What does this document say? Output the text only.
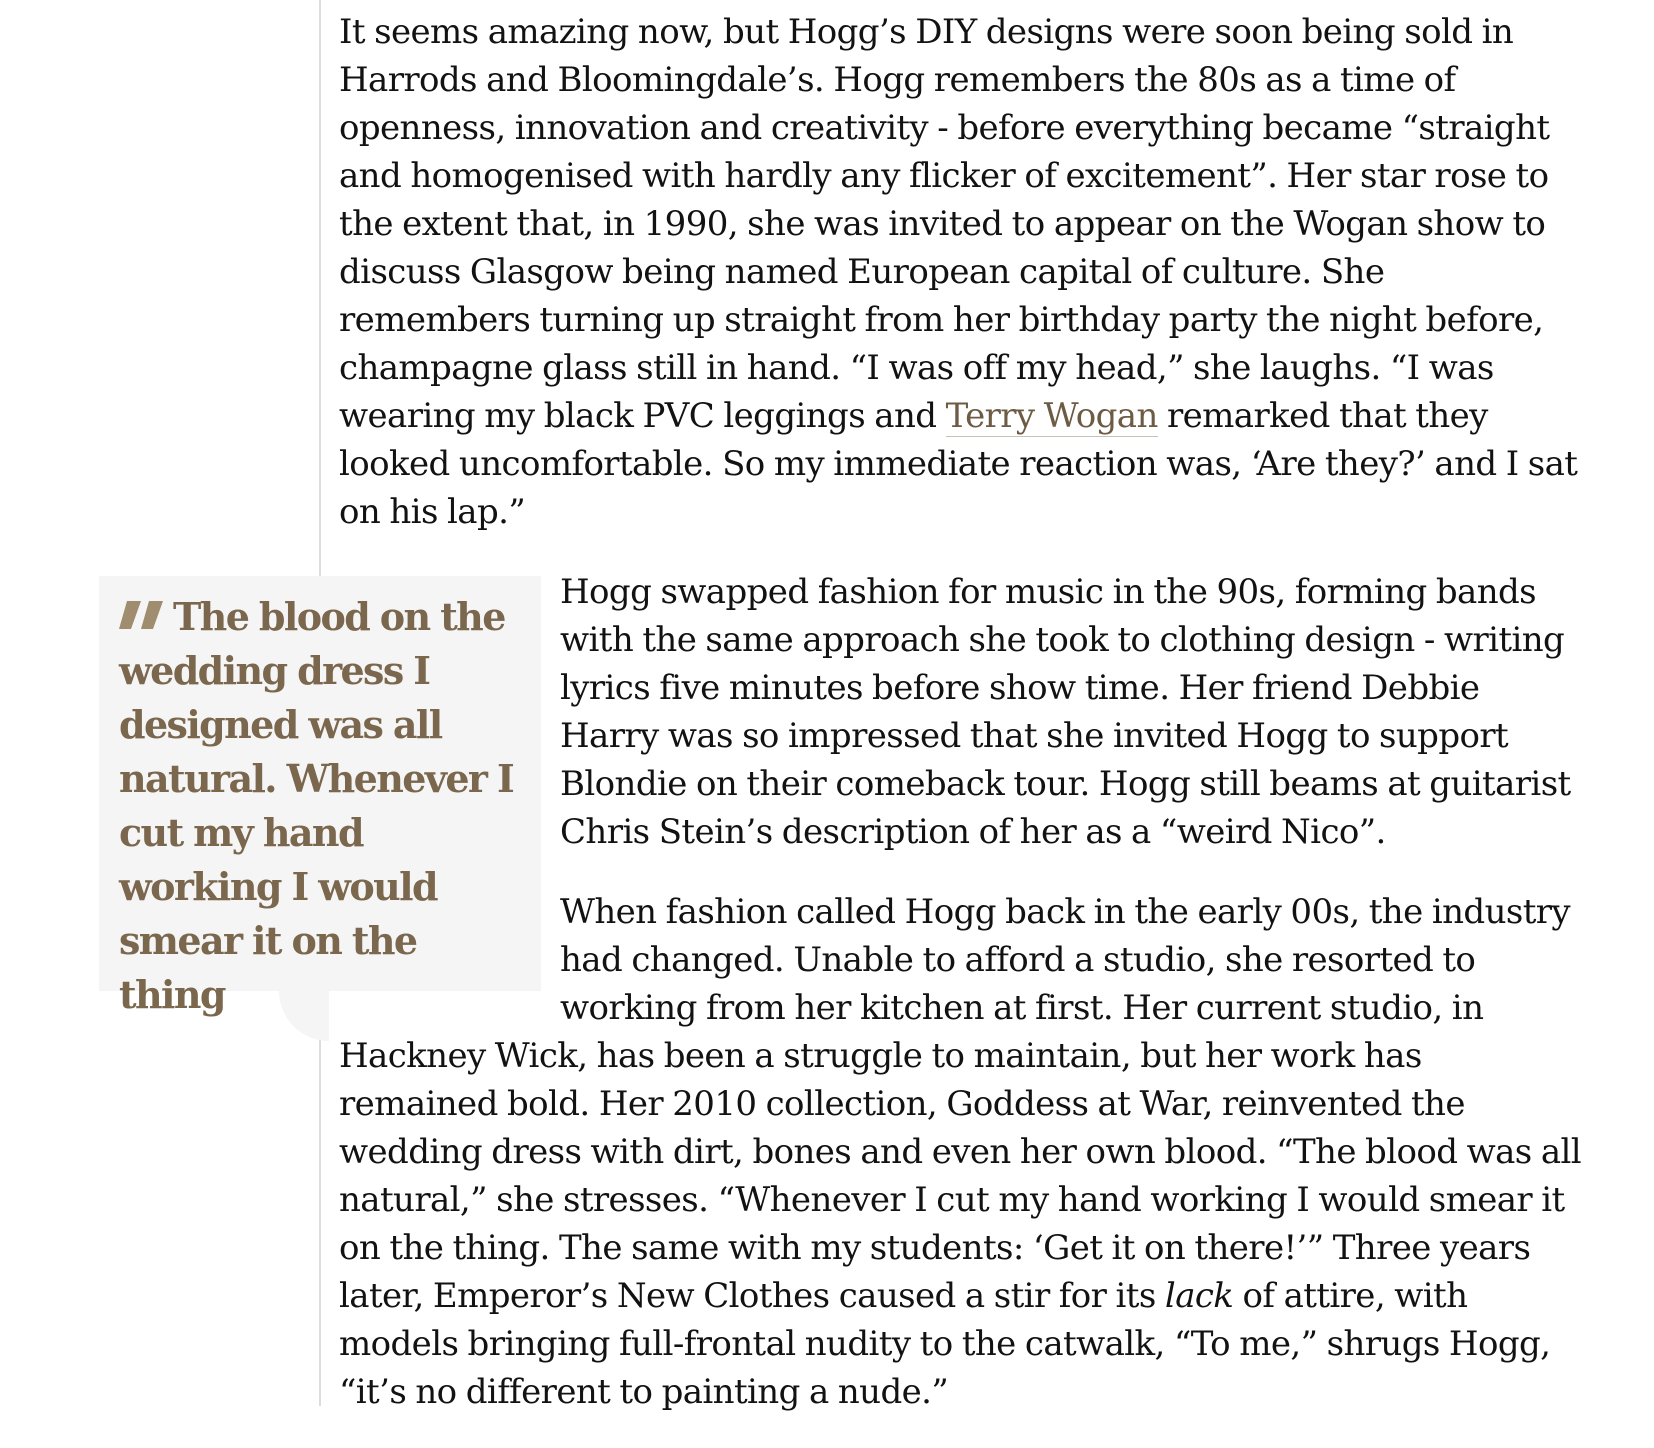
It seems amazing now, but Hogg’s DIY designs were soon being sold in Harrods and Bloomingdale’s. Hogg remembers the 80s as a time of openness, innovation and creativity - before everything became “straight and homogenised with hardly any flicker of excitement”. Her star rose to the extent that, in 1990, she was invited to appear on the Wogan show to discuss Glasgow being named European capital of culture. She remembers turning up straight from her birthday party the night before, champagne glass still in hand. “I was off my head,” she laughs. “I was wearing my black PVC leggings and Terry Wogan remarked that they looked uncomfortable. So my immediate reaction was, ‘Are they?’ and I sat on his lap.”

The blood on the wedding dress I designed was all natural. Whenever I cut my hand working I would smear it on the thing

Hogg swapped fashion for music in the 90s, forming bands with the same approach she took to clothing design - writing lyrics five minutes before show time. Her friend Debbie Harry was so impressed that she invited Hogg to support Blondie on their comeback tour. Hogg still beams at guitarist Chris Stein’s description of her as a “weird Nico”.

When fashion called Hogg back in the early 00s, the industry had changed. Unable to afford a studio, she resorted to working from her kitchen at first. Her current studio, in Hackney Wick, has been a struggle to maintain, but her work has remained bold. Her 2010 collection, Goddess at War, reinvented the wedding dress with dirt, bones and even her own blood. “The blood was all natural,” she stresses. “Whenever I cut my hand working I would smear it on the thing. The same with my students: ‘Get it on there!’” Three years later, Emperor’s New Clothes caused a stir for its lack of attire, with models bringing full-frontal nudity to the catwalk, “To me,” shrugs Hogg, “it’s no different to painting a nude.”
